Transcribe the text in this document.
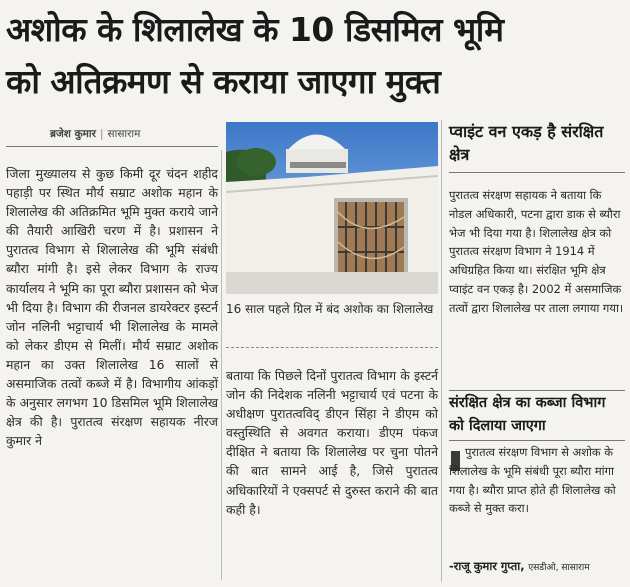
अशोक के शिलालेख के 10 डिसमिल भूमि
को अतिक्रमण से कराया जाएगा मुक्त
ब्रजेश कुमार | सासाराम
जिला मुख्यालय से कुछ किमी दूर चंदन शहीद पहाड़ी पर स्थित मौर्य सम्राट अशोक महान के शिलालेख की अतिक्रमित भूमि मुक्त कराये जाने की तैयारी आखिरी चरण में है। प्रशासन ने पुरातत्व विभाग से शिलालेख की भूमि संबंधी ब्यौरा मांगी है। इसे लेकर विभाग के राज्य कार्यालय ने भूमि का पूरा ब्यौरा प्रशासन को भेज भी दिया है। विभाग की रीजनल डायरेक्टर इस्टर्न जोन नलिनी भट्टाचार्य भी शिलालेख के मामले को लेकर डीएम से मिलीं। मौर्य सम्राट अशोक महान का उक्त शिलालेख 16 सालों से असमाजिक तत्वों कब्जे में है। विभागीय आंकड़ों के अनुसार लगभग 10 डिसमिल भूमि शिलालेख क्षेत्र की है। पुरातत्व संरक्षण सहायक नीरज कुमार ने
16 साल पहले ग्रिल में बंद अशोक का शिलालेख
बताया कि पिछले दिनों पुरातत्व विभाग के इस्टर्न जोन की निदेशक नलिनी भट्टाचार्य एवं पटना के अधीक्षण पुरातत्वविद् डीएन सिंहा ने डीएम को वस्तुस्थिति से अवगत कराया। डीएम पंकज दीक्षित ने बताया कि शिलालेख पर चुना पोतने की बात सामने आई है, जिसे पुरातत्व अधिकारियों ने एक्सपर्ट से दुरुस्त कराने की बात कही है।
प्वाइंट वन एकड़ है संरक्षित क्षेत्र
पुरातत्व संरक्षण सहायक ने बताया कि नोडल अधिकारी, पटना द्वारा डाक से ब्यौरा भेज भी दिया गया है। शिलालेख क्षेत्र को पुरातत्व संरक्षण विभाग ने 1914 में अधिग्रहित किया था। संरक्षित भूमि क्षेत्र प्वाइंट वन एकड़ है। 2002 में असमाजिक तत्वों द्वारा शिलालेख पर ताला लगाया गया।
संरक्षित क्षेत्र का कब्जा विभाग को दिलाया जाएगा
पुरातत्व संरक्षण विभाग से अशोक के शिलालेख के भूमि संबंधी पूरा ब्यौरा मांगा गया है। ब्यौरा प्राप्त होते ही शिलालेख को कब्जे से मुक्त करा।
-राजू कुमार गुप्ता, एसडीओ, सासाराम
